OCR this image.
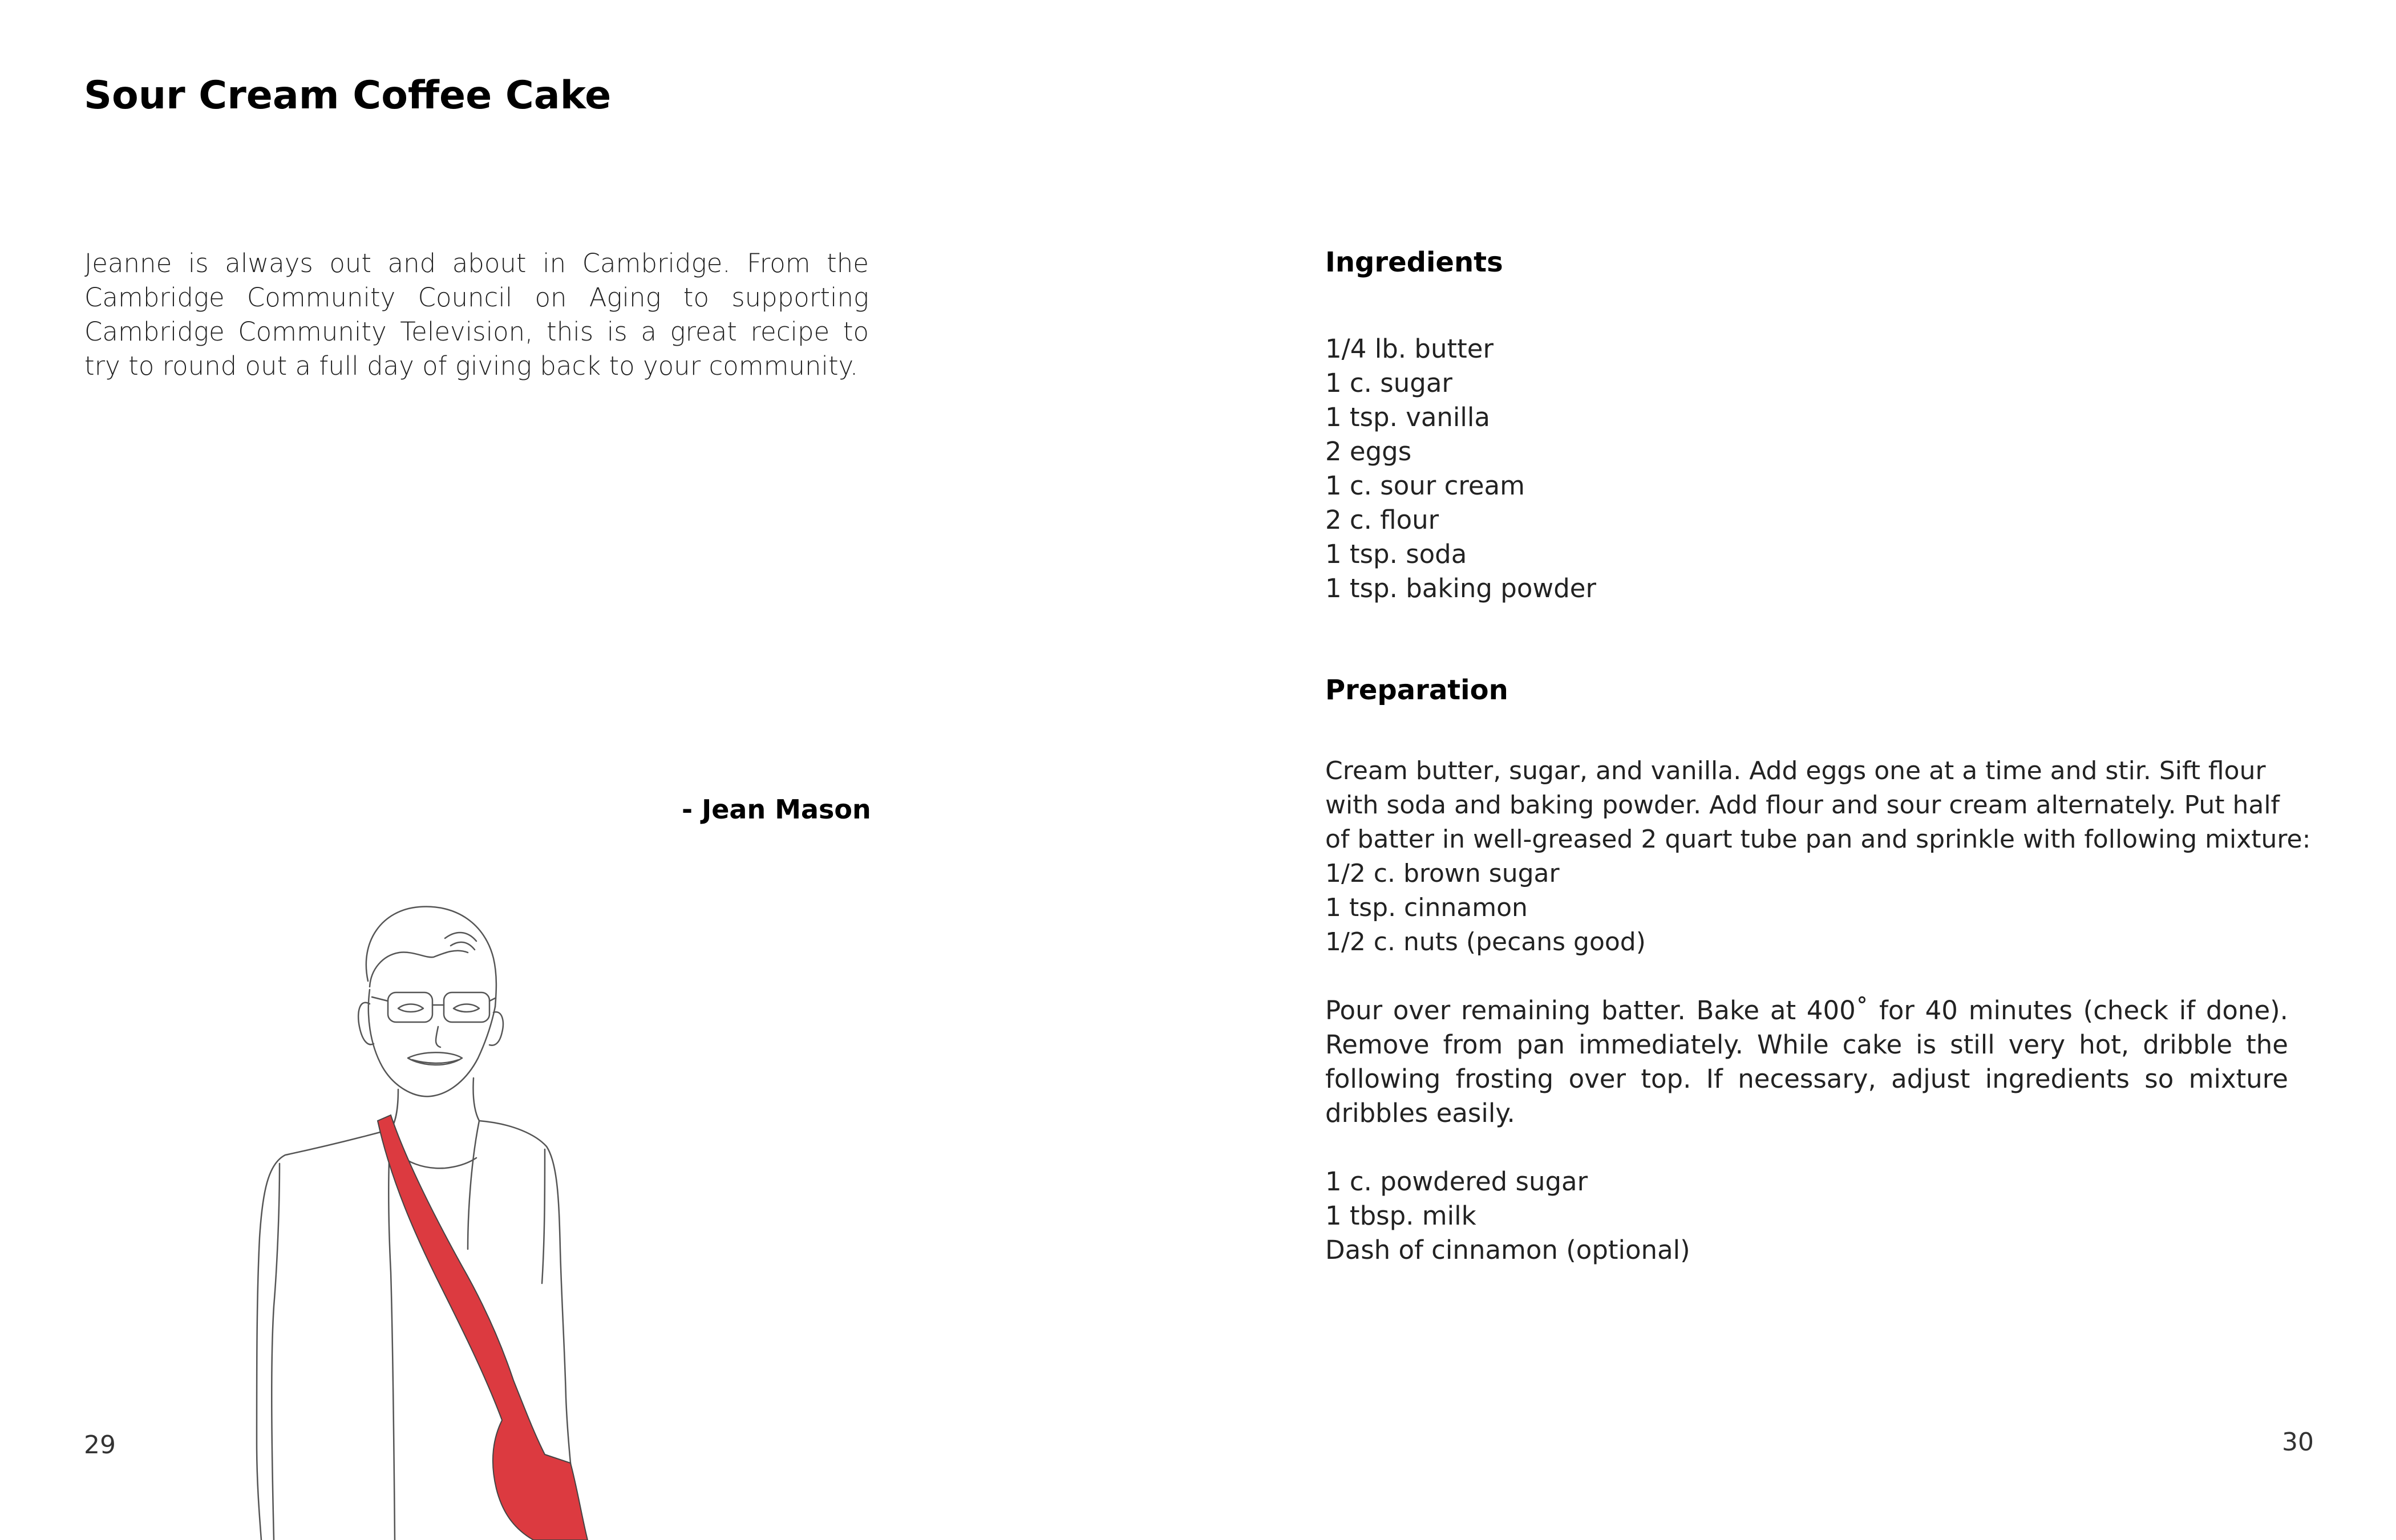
Sour Cream Coffee Cake
Jeanne is always out and about in Cambridge. From the Cambridge Community Council on Aging to supporting Cambridge Community Television, this is a great recipe to try to round out a full day of giving back to your community.
- Jean Mason
29
Ingredients
1/4 lb. butter
1 c. sugar
1 tsp. vanilla
2 eggs
1 c. sour cream
2 c. flour
1 tsp. soda
1 tsp. baking powder
Preparation
Cream butter, sugar, and vanilla. Add eggs one at a time and stir. Sift flour
with soda and baking powder. Add flour and sour cream alternately. Put half
of batter in well-greased 2 quart tube pan and sprinkle with following mixture:
1/2 c. brown sugar
1 tsp. cinnamon
1/2 c. nuts (pecans good)
Pour over remaining batter. Bake at 400˚ for 40 minutes (check if done). Remove from pan immediately. While cake is still very hot, dribble the following frosting over top. If necessary, adjust ingredients so mixture dribbles easily.
1 c. powdered sugar
1 tbsp. milk
Dash of cinnamon (optional)
30
